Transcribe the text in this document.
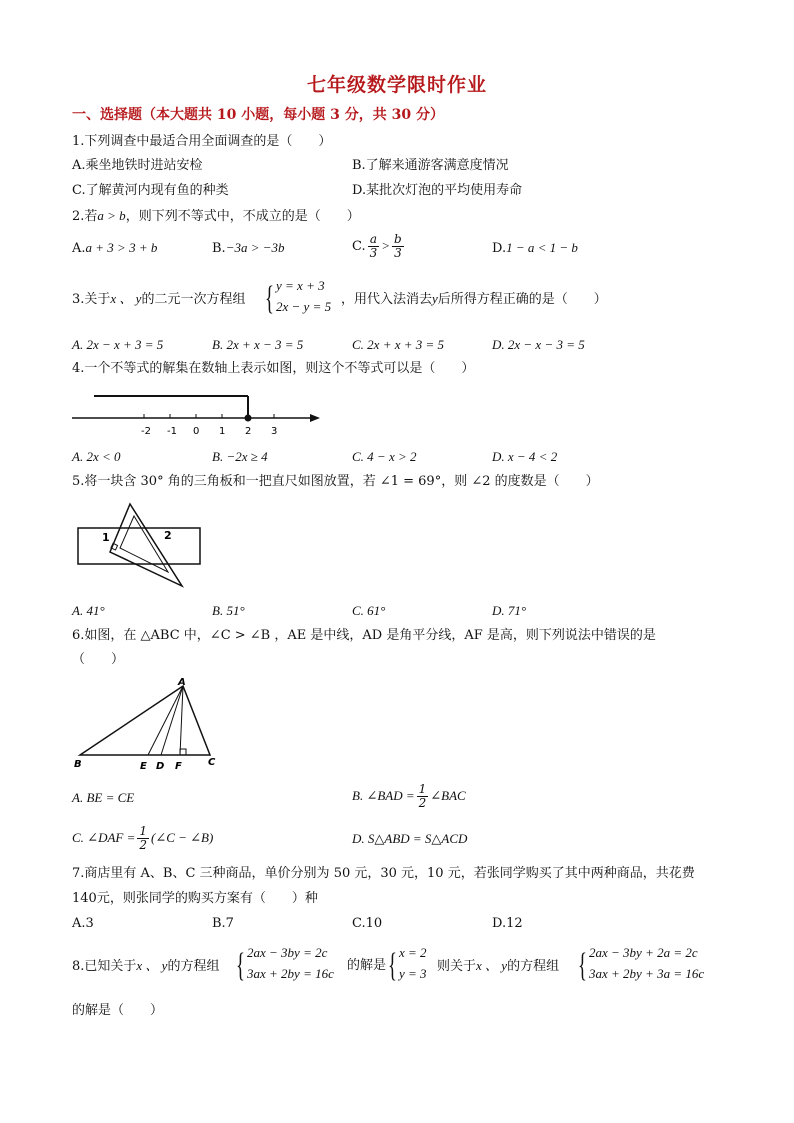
七年级数学限时作业
一、选择题（本大题共 10 小题，每小题 3 分，共 30 分）
1.下列调查中最适合用全面调查的是（　　）
A.乘坐地铁时进站安检	B.了解来通游客满意度情况
C.了解黄河内现有鱼的种类	D.某批次灯泡的平均使用寿命
2.若a > b，则下列不等式中，不成立的是（　　）
A.a + 3 > 3 + b	B.−3a > −3b	C. $\frac{a}{3} > \frac{b}{3}$	D.1 − a < 1 − b
3.关于x 、 y的二元一次方程组 { y = x + 3
2x − y = 5 ，用代入法消去y后所得方程正确的是（　　）
A. 2x − x + 3 = 5	B. 2x + x − 3 = 5	C. 2x + x + 3 = 5	D. 2x − x − 3 = 5
4.一个不等式的解集在数轴上表示如图，则这个不等式可以是（　　）
-2 -1 0 1 2 3
A. 2x < 0	B. −2x ≥ 4	C. 4 − x > 2	D. x − 4 < 2
5.将一块含 30° 角的三角板和一把直尺如图放置，若 ∠1 = 69°，则 ∠2 的度数是（　　）
1	2
A. 41°	B. 51°	C. 61°	D. 71°
6.如图，在 △ABC 中，∠C > ∠B ，AE 是中线，AD 是角平分线，AF 是高，则下列说法中错误的是
（　　）
A
B	E D F	C
A. BE = CE	B. ∠BAD = $\frac{1}{2}$ ∠BAC
C. ∠DAF = $\frac{1}{2}$ (∠C − ∠B)	D. S△ABD = S△ACD
7.商店里有 A、B、C 三种商品，单价分别为 50 元，30 元，10 元，若张同学购买了其中两种商品，共花费
140元，则张同学的购买方案有（　　）种
A.3	B.7	C.10	D.12
8.已知关于x 、 y的方程组 { 2ax − 3by = 2c
3ax + 2by = 16c
的解是 { x = 2
y = 3 则关于x 、 y的方程组 { 2ax − 3by + 2a = 2c
3ax + 2by + 3a = 16c
的解是（　　）
